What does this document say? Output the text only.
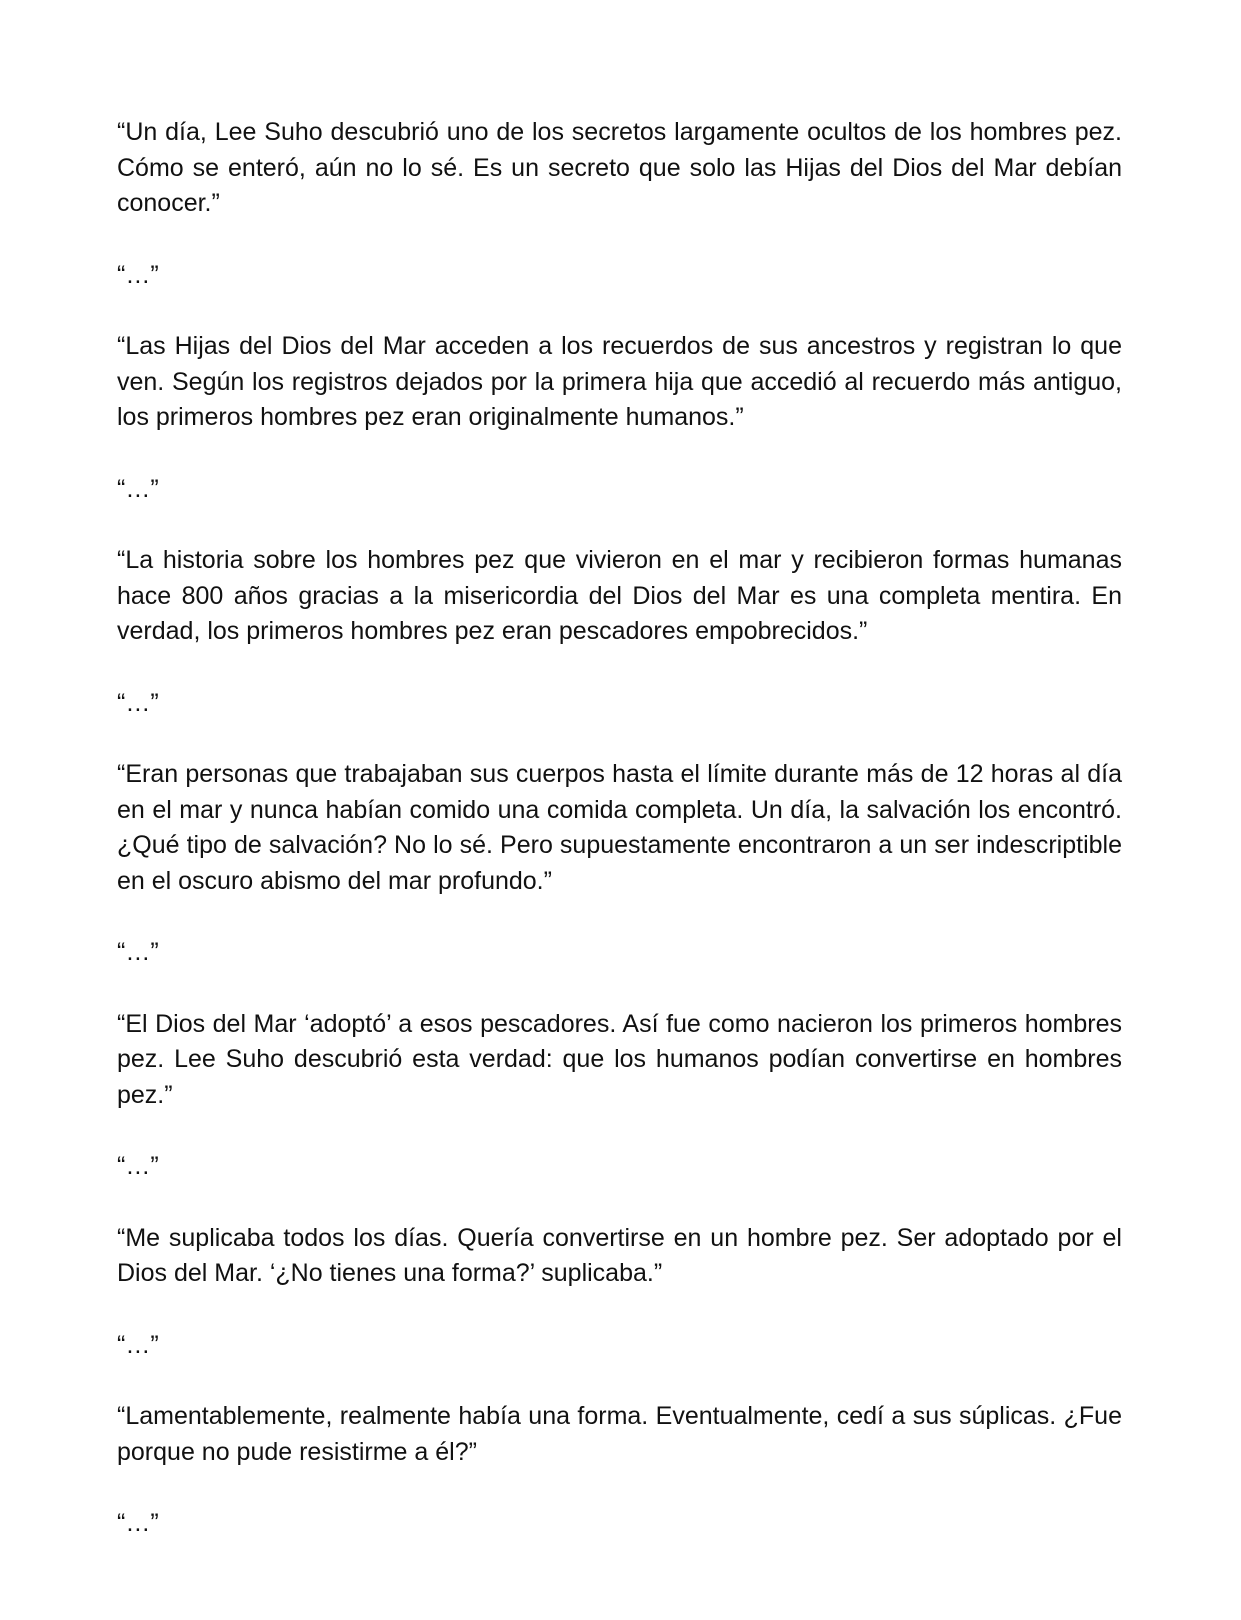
“Un día, Lee Suho descubrió uno de los secretos largamente ocultos de los hombres pez. Cómo se enteró, aún no lo sé. Es un secreto que solo las Hijas del Dios del Mar debían conocer.”

“…”

“Las Hijas del Dios del Mar acceden a los recuerdos de sus ancestros y registran lo que ven. Según los registros dejados por la primera hija que accedió al recuerdo más antiguo, los primeros hombres pez eran originalmente humanos.”

“…”

“La historia sobre los hombres pez que vivieron en el mar y recibieron formas humanas hace 800 años gracias a la misericordia del Dios del Mar es una completa mentira. En verdad, los primeros hombres pez eran pescadores empobrecidos.”

“…”

“Eran personas que trabajaban sus cuerpos hasta el límite durante más de 12 horas al día en el mar y nunca habían comido una comida completa. Un día, la salvación los encontró. ¿Qué tipo de salvación? No lo sé. Pero supuestamente encontraron a un ser indescriptible en el oscuro abismo del mar profundo.”

“…”

“El Dios del Mar ‘adoptó’ a esos pescadores. Así fue como nacieron los primeros hombres pez. Lee Suho descubrió esta verdad: que los humanos podían convertirse en hombres pez.”

“…”

“Me suplicaba todos los días. Quería convertirse en un hombre pez. Ser adoptado por el Dios del Mar. ‘¿No tienes una forma?’ suplicaba.”

“…”

“Lamentablemente, realmente había una forma. Eventualmente, cedí a sus súplicas. ¿Fue porque no pude resistirme a él?”

“…”
